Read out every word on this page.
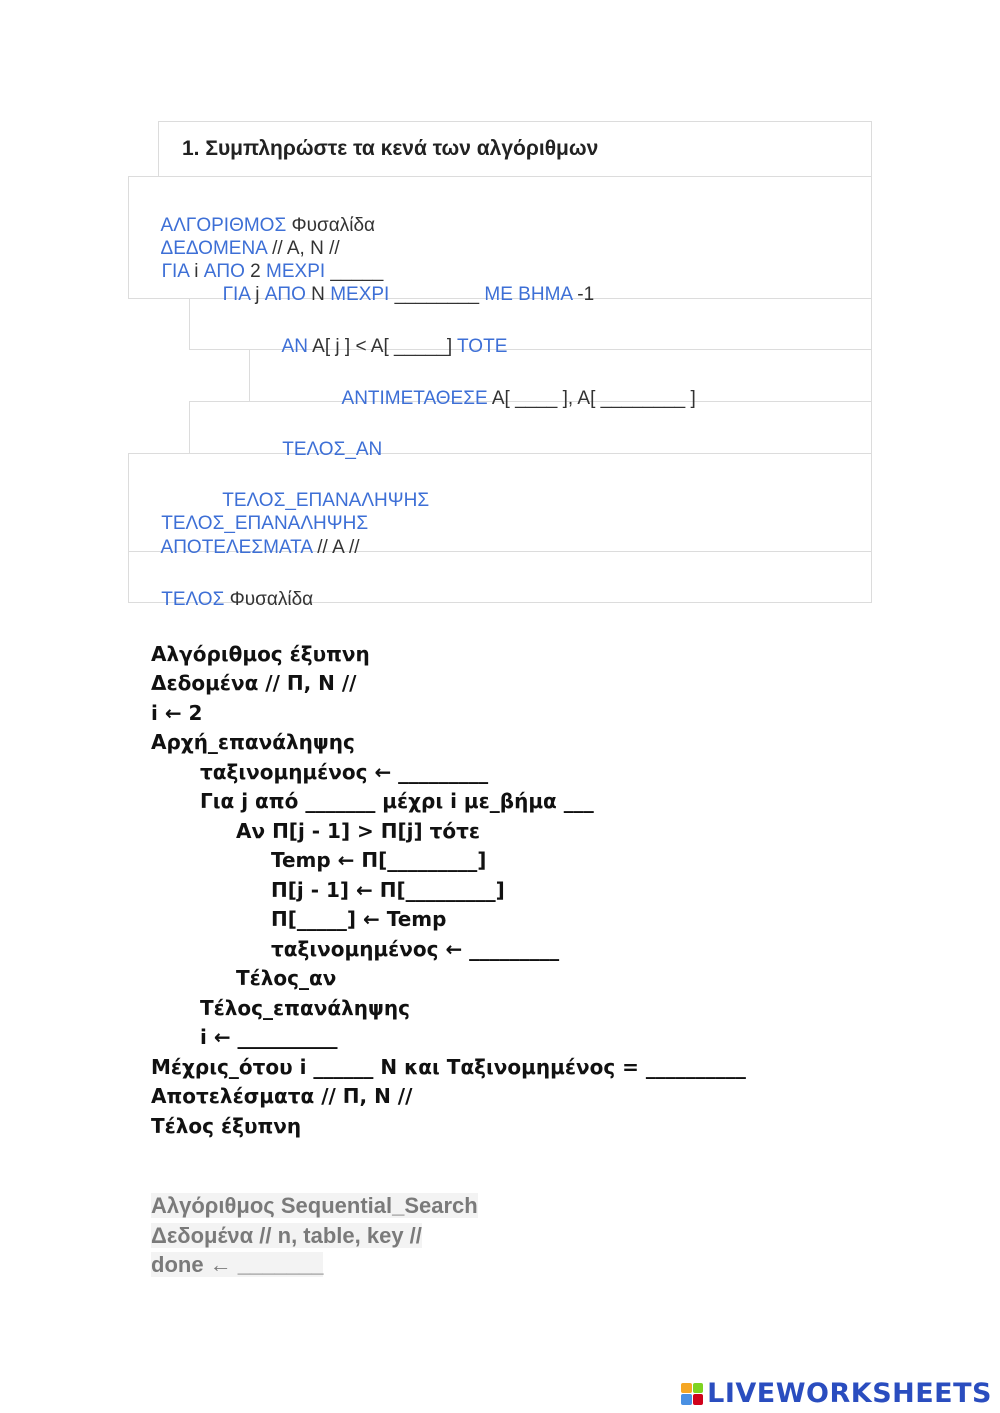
1. Συμπληρώστε τα κενά των αλγόριθμων

ΑΛΓΟΡΙΘΜΟΣ Φυσαλίδα

ΔΕΔΟΜΕΝΑ // Α, Ν //

ΓΙΑ i ΑΠΟ 2 ΜΕΧΡΙ _____

ΓΙΑ j ΑΠΟ Ν ΜΕΧΡΙ ________ ΜΕ ΒΗΜΑ -1

ΑΝ Α[ j ] < Α[ _____] ΤΟΤΕ

ΑΝΤΙΜΕΤΑΘΕΣΕ Α[ ____ ], Α[ ________ ]

ΤΕΛΟΣ_ΑΝ

ΤΕΛΟΣ_ΕΠΑΝΑΛΗΨΗΣ

ΤΕΛΟΣ_ΕΠΑΝΑΛΗΨΗΣ

ΑΠΟΤΕΛΕΣΜΑΤΑ // Α //

ΤΕΛΟΣ Φυσαλίδα

Αλγόριθμος έξυπνη
Δεδομένα // Π, Ν //
i ← 2
Αρχή_επανάληψης
ταξινομημένος ← _________
Για j από _______ μέχρι i με_βήμα ___
Αν Π[j - 1] > Π[j] τότε
Temp ← Π[_________]
Π[j - 1] ← Π[_________]
Π[_____] ← Temp
ταξινομημένος ← _________
Τέλος_αν
Τέλος_επανάληψης
i ← __________
Μέχρις_ότου i ______ Ν και Ταξινομημένος = __________
Αποτελέσματα // Π, Ν //
Τέλος έξυπνη
Αλγόριθμος Sequential_Search
Δεδομένα // n, table, key //
done ← _______
LIVEWORKSHEETS
